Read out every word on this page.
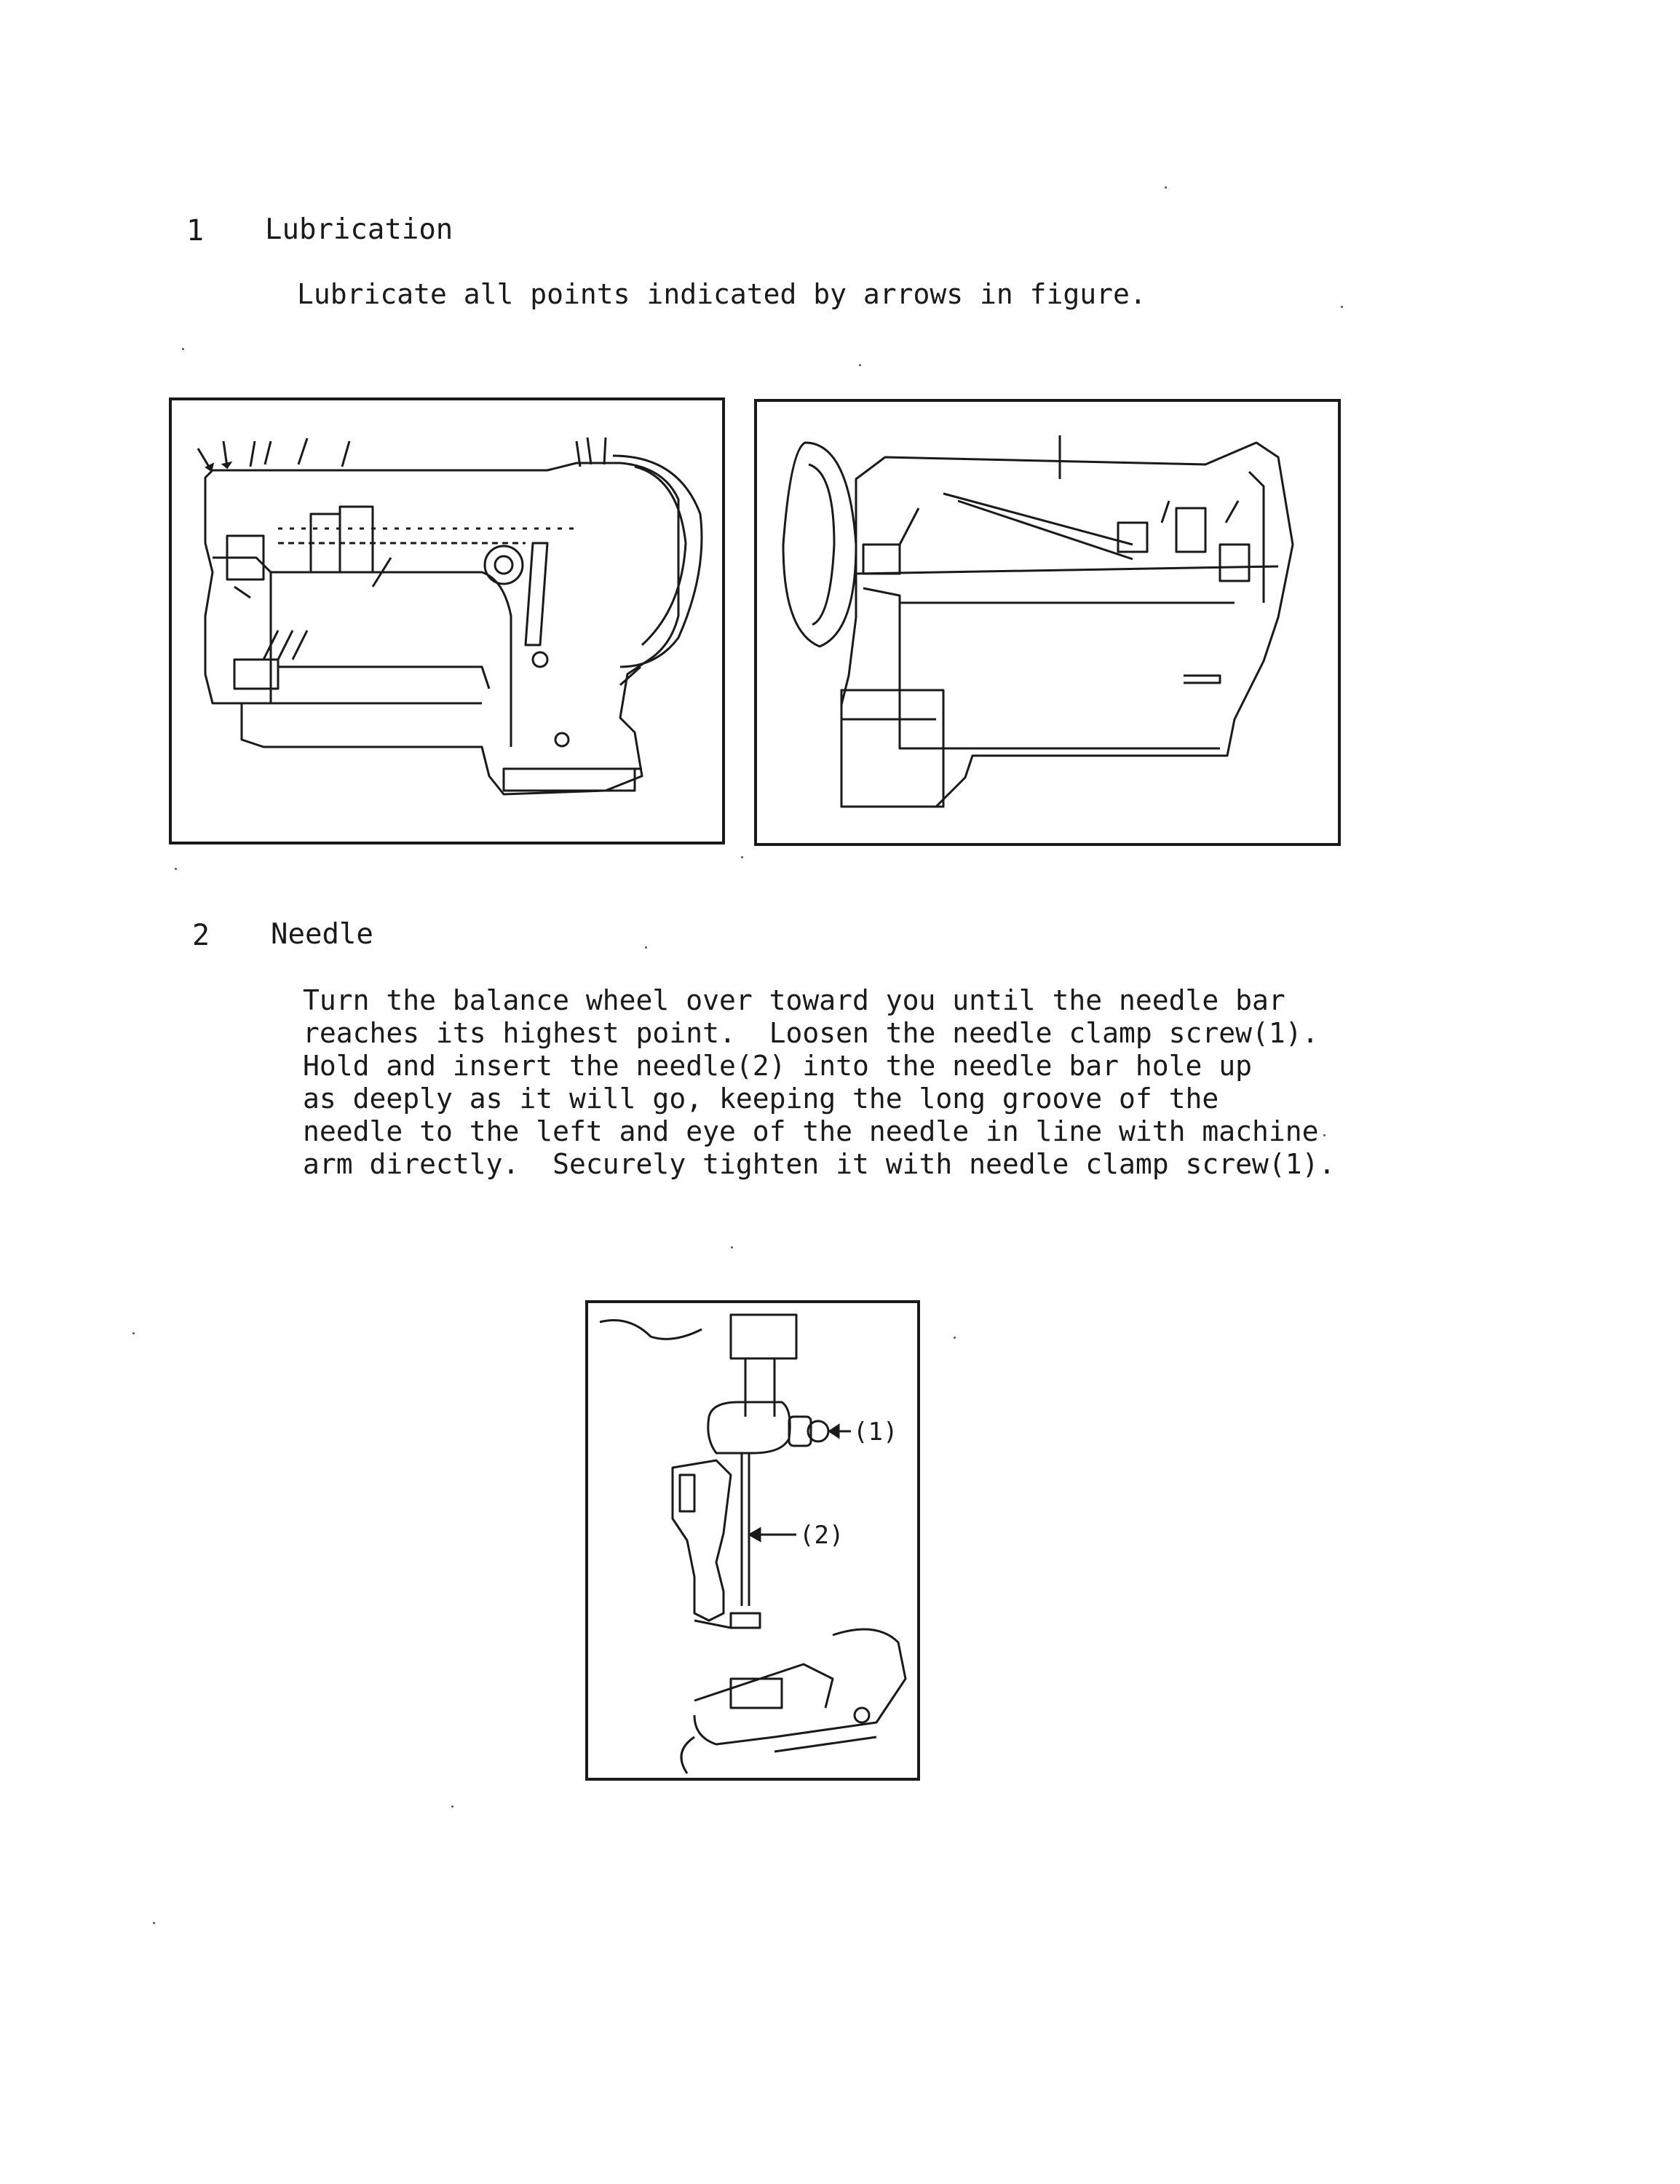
1 Lubrication
Lubricate all points indicated by arrows in figure.
2 Needle
Turn the balance wheel over toward you until the needle bar
reaches its highest point.  Loosen the needle clamp screw(1).
Hold and insert the needle(2) into the needle bar hole up
as deeply as it will go, keeping the long groove of the
needle to the left and eye of the needle in line with machine
arm directly.  Securely tighten it with needle clamp screw(1).
(1)
(2)
